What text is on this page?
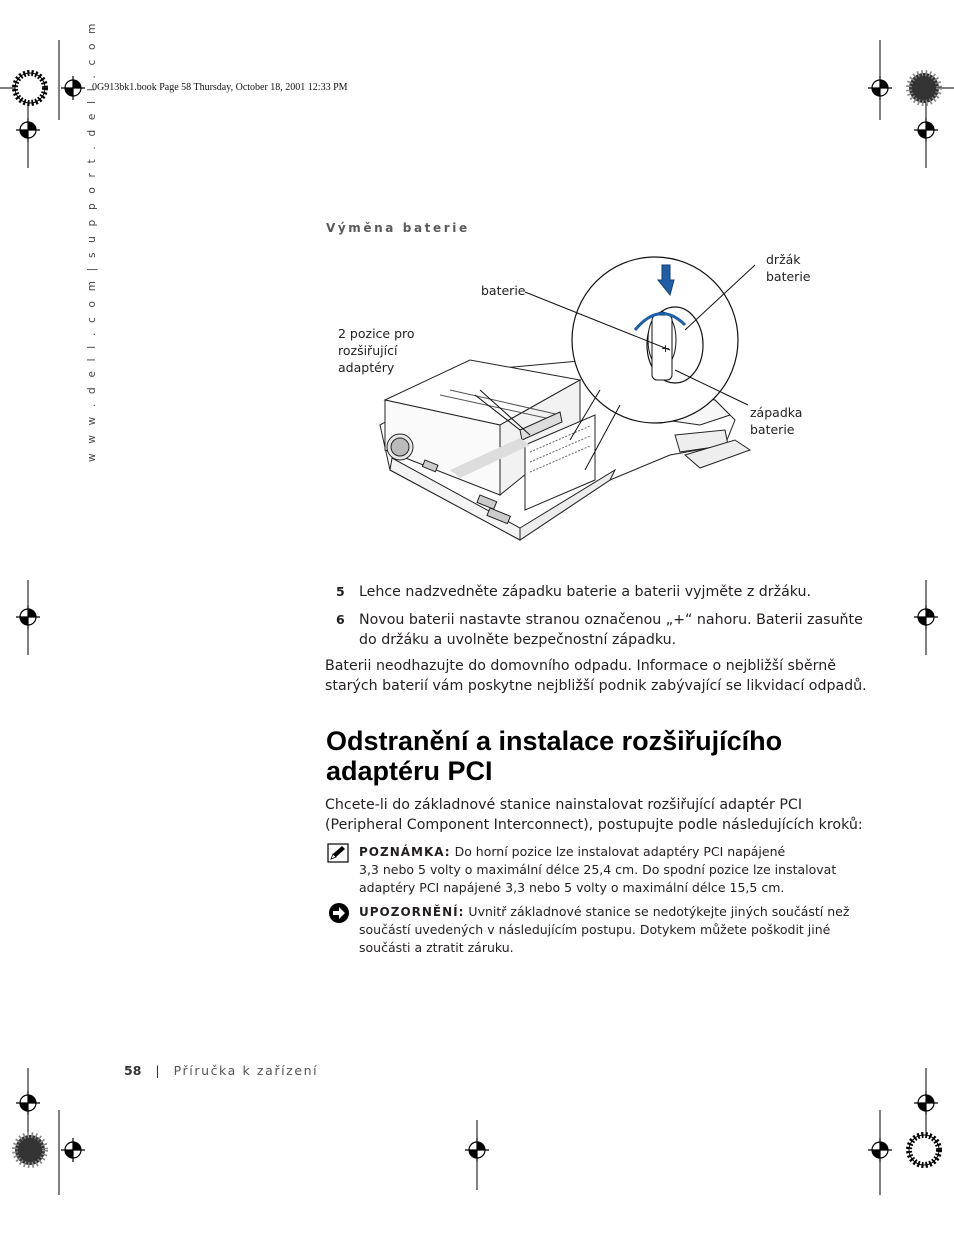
0G913bk1.book Page 58 Thursday, October 18, 2001 12:33 PM
w w w . d e l l . c o m | s u p p o r t . d e l l . c o m	Výměna baterie
+
držák
baterie
baterie
2 pozice pro
rozšiřující
adaptéry
západka
baterie
5 Lehce nadzvedněte západku baterie a baterii vyjměte z držáku.
6 Novou baterii nastavte stranou označenou „+“ nahoru. Baterii zasuňte
do držáku a uvolněte bezpečnostní západku.
Baterii neodhazujte do domovního odpadu. Informace o nejbližší sběrně
starých baterií vám poskytne nejbližší podnik zabývající se likvidací odpadů.
Odstranění a instalace rozšiřujícího
adaptéru PCI
Chcete-li do základnové stanice nainstalovat rozšiřující adaptér PCI
(Peripheral Component Interconnect), postupujte podle následujících kroků:
POZNÁMKA: Do horní pozice lze instalovat adaptéry PCI napájené
3,3 nebo 5 volty o maximální délce 25,4 cm. Do spodní pozice lze instalovat
adaptéry PCI napájené 3,3 nebo 5 volty o maximální délce 15,5 cm.
UPOZORNĚNÍ: Uvnitř základnové stanice se nedotýkejte jiných součástí než
součástí uvedených v následujícím postupu. Dotykem můžete poškodit jiné
součásti a ztratit záruku.
58 | Příručka k zařízení
